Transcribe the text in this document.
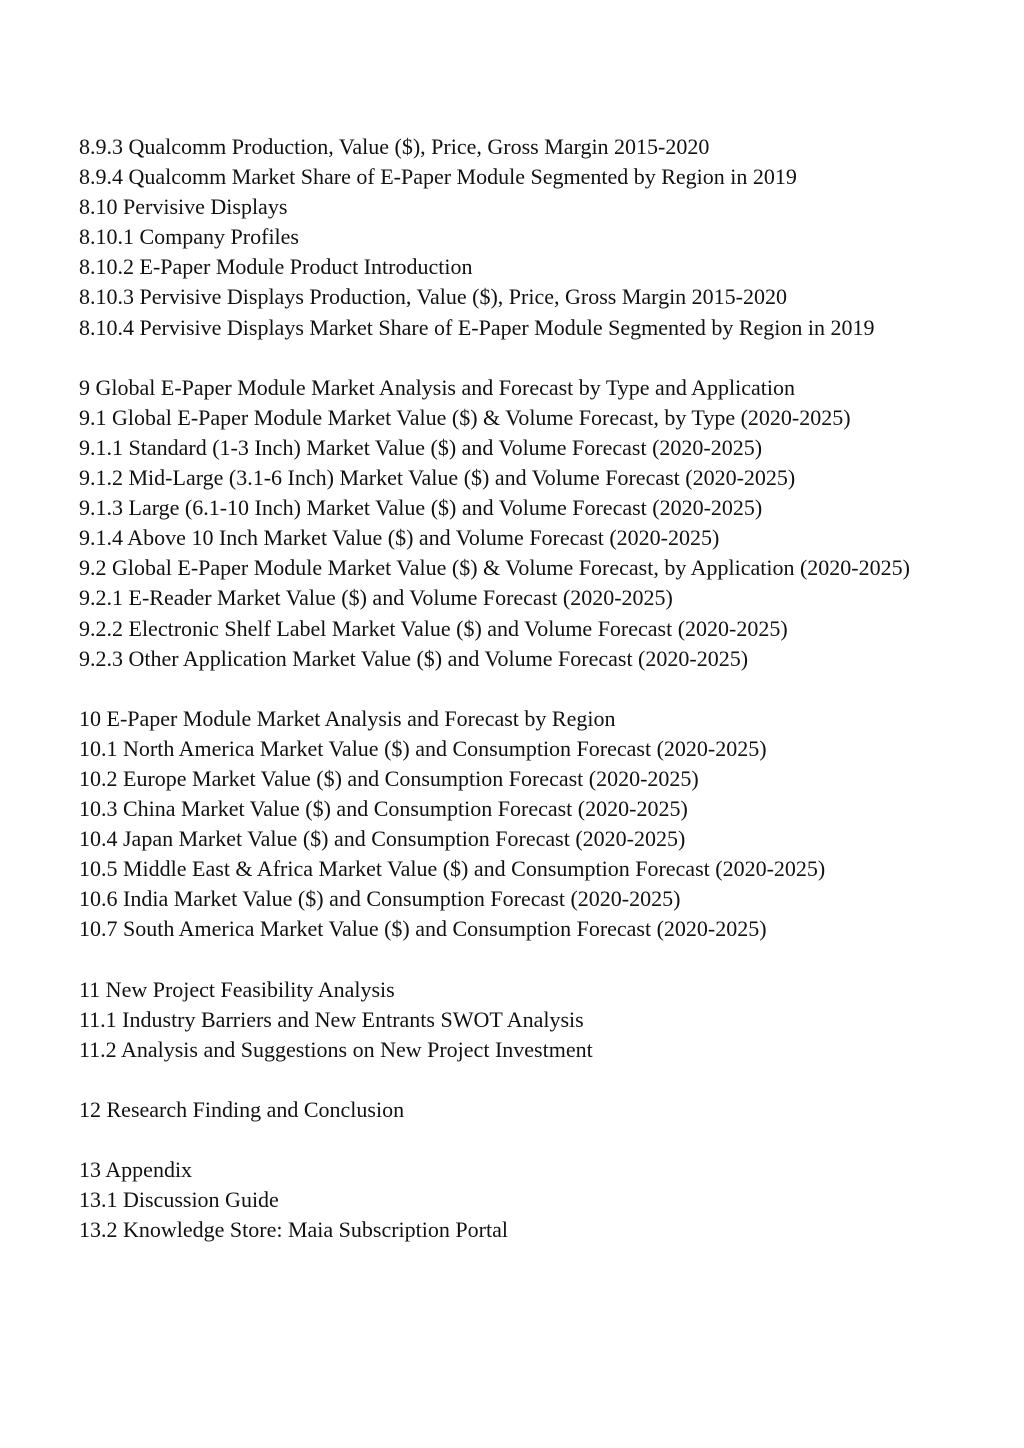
8.9.3 Qualcomm Production, Value ($), Price, Gross Margin 2015-2020
8.9.4 Qualcomm Market Share of E-Paper Module Segmented by Region in 2019
8.10 Pervisive Displays
8.10.1 Company Profiles
8.10.2 E-Paper Module Product Introduction
8.10.3 Pervisive Displays Production, Value ($), Price, Gross Margin 2015-2020
8.10.4 Pervisive Displays Market Share of E-Paper Module Segmented by Region in 2019
9 Global E-Paper Module Market Analysis and Forecast by Type and Application
9.1 Global E-Paper Module Market Value ($) & Volume Forecast, by Type (2020-2025)
9.1.1 Standard (1-3 Inch) Market Value ($) and Volume Forecast (2020-2025)
9.1.2 Mid-Large (3.1-6 Inch) Market Value ($) and Volume Forecast (2020-2025)
9.1.3 Large (6.1-10 Inch) Market Value ($) and Volume Forecast (2020-2025)
9.1.4 Above 10 Inch Market Value ($) and Volume Forecast (2020-2025)
9.2 Global E-Paper Module Market Value ($) & Volume Forecast, by Application (2020-2025)
9.2.1 E-Reader Market Value ($) and Volume Forecast (2020-2025)
9.2.2 Electronic Shelf Label Market Value ($) and Volume Forecast (2020-2025)
9.2.3 Other Application Market Value ($) and Volume Forecast (2020-2025)
10 E-Paper Module Market Analysis and Forecast by Region
10.1 North America Market Value ($) and Consumption Forecast (2020-2025)
10.2 Europe Market Value ($) and Consumption Forecast (2020-2025)
10.3 China Market Value ($) and Consumption Forecast (2020-2025)
10.4 Japan Market Value ($) and Consumption Forecast (2020-2025)
10.5 Middle East & Africa Market Value ($) and Consumption Forecast (2020-2025)
10.6 India Market Value ($) and Consumption Forecast (2020-2025)
10.7 South America Market Value ($) and Consumption Forecast (2020-2025)
11 New Project Feasibility Analysis
11.1 Industry Barriers and New Entrants SWOT Analysis
11.2 Analysis and Suggestions on New Project Investment
12 Research Finding and Conclusion
13 Appendix
13.1 Discussion Guide
13.2 Knowledge Store: Maia Subscription Portal
